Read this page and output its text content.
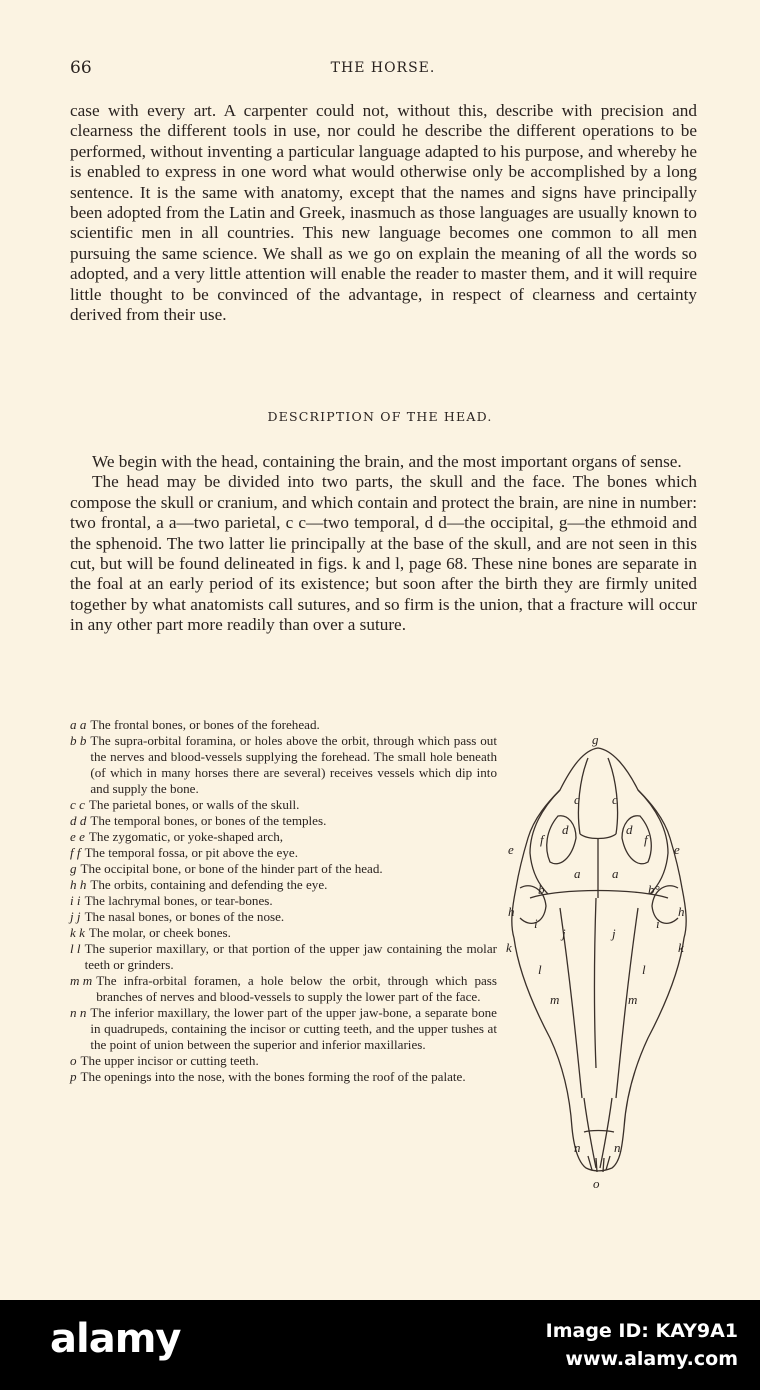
66	THE HORSE.

case with every art. A carpenter could not, without this, describe with precision and clearness the different tools in use, nor could he describe the different operations to be performed, without inventing a particular language adapted to his purpose, and whereby he is enabled to express in one word what would otherwise only be accomplished by a long sentence. It is the same with anatomy, except that the names and signs have principally been adopted from the Latin and Greek, inasmuch as those languages are usually known to scientific men in all countries. This new language becomes one common to all men pursuing the same science. We shall as we go on explain the meaning of all the words so adopted, and a very little attention will enable the reader to master them, and it will require little thought to be convinced of the advantage, in respect of clearness and certainty derived from their use.

DESCRIPTION OF THE HEAD.

We begin with the head, containing the brain, and the most important organs of sense.

The head may be divided into two parts, the skull and the face. The bones which compose the skull or cranium, and which contain and protect the brain, are nine in number: two frontal, a a—two parietal, c c—two temporal, d d—the occipital, g—the ethmoid and the sphenoid. The two latter lie principally at the base of the skull, and are not seen in this cut, but will be found delineated in figs. k and l, page 68. These nine bones are separate in the foal at an early period of its existence; but soon after the birth they are firmly united together by what anatomists call sutures, and so firm is the union, that a fracture will occur in any other part more readily than over a suture.

a a The frontal bones, or bones of the forehead.
b b The supra-orbital foramina, or holes above the orbit, through which pass out the nerves and blood-vessels supplying the forehead. The small hole beneath (of which in many horses there are several) receives vessels which dip into and supply the bone.
c c The parietal bones, or walls of the skull.
d d The temporal bones, or bones of the temples.
e e The zygomatic, or yoke-shaped arch,
f f The temporal fossa, or pit above the eye.
g The occipital bone, or bone of the hinder part of the head.
h h The orbits, containing and defending the eye.
i i The lachrymal bones, or tear-bones.
j j The nasal bones, or bones of the nose.
k k The molar, or cheek bones.
l l The superior maxillary, or that portion of the upper jaw containing the molar teeth or grinders.
m m The infra-orbital foramen, a hole below the orbit, through which pass branches of nerves and blood-vessels to supply the lower part of the face.
n n The inferior maxillary, the lower part of the upper jaw-bone, a separate bone in quadrupeds, containing the incisor or cutting teeth, and the upper tushes at the point of union between the superior and inferior maxillaries.
o The upper incisor or cutting teeth.
p The openings into the nose, with the bones forming the roof of the palate.
g
c c
d	d
f	f
e	e
a a
b	b°
h	h
i	i
j	j
k	k
l	l
m	m
n	n
o
alamy	Image ID: KAY9A1
www.alamy.com
